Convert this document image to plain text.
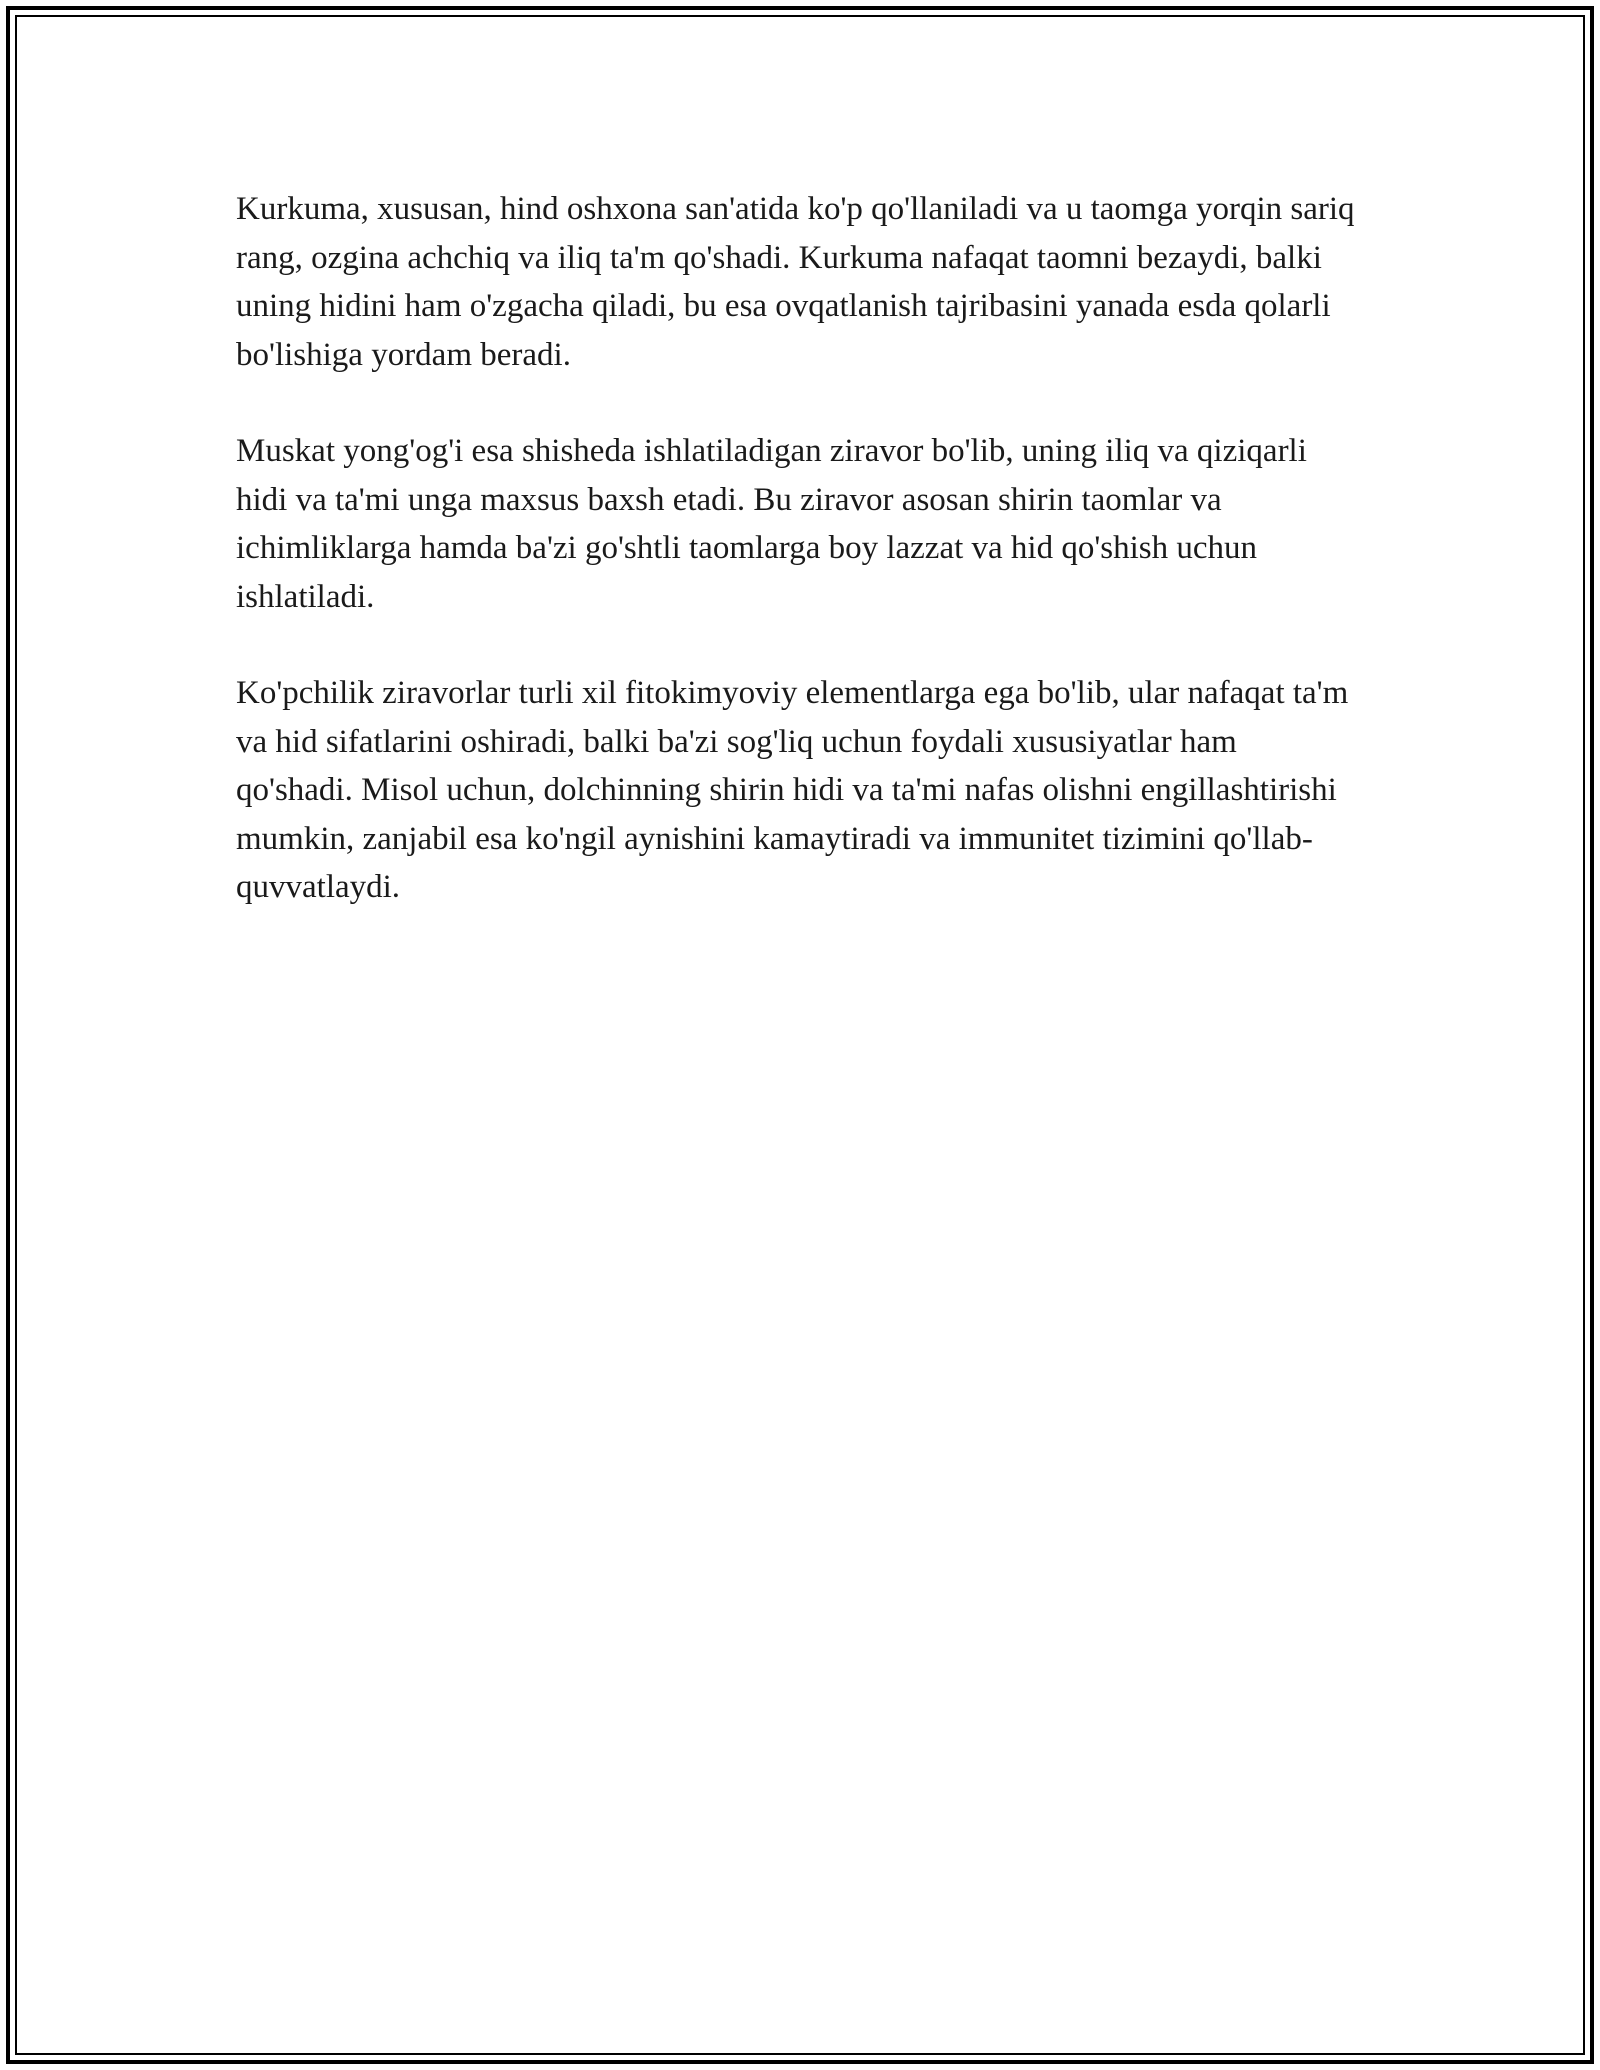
Kurkuma, xususan, hind oshxona san'atida ko'p qo'llaniladi va u taomga yorqin sariq rang, ozgina achchiq va iliq ta'm qo'shadi. Kurkuma nafaqat taomni bezaydi, balki uning hidini ham o'zgacha qiladi, bu esa ovqatlanish tajribasini yanada esda qolarli bo'lishiga yordam beradi.

Muskat yong'og'i esa shisheda ishlatiladigan ziravor bo'lib, uning iliq va qiziqarli hidi va ta'mi unga maxsus baxsh etadi. Bu ziravor asosan shirin taomlar va ichimliklarga hamda ba'zi go'shtli taomlarga boy lazzat va hid qo'shish uchun ishlatiladi.

Ko'pchilik ziravorlar turli xil fitokimyoviy elementlarga ega bo'lib, ular nafaqat ta'm va hid sifatlarini oshiradi, balki ba'zi sog'liq uchun foydali xususiyatlar ham qo'shadi. Misol uchun, dolchinning shirin hidi va ta'mi nafas olishni engillashtirishi mumkin, zanjabil esa ko'ngil aynishini kamaytiradi va immunitet tizimini qo'llab-quvvatlaydi.
